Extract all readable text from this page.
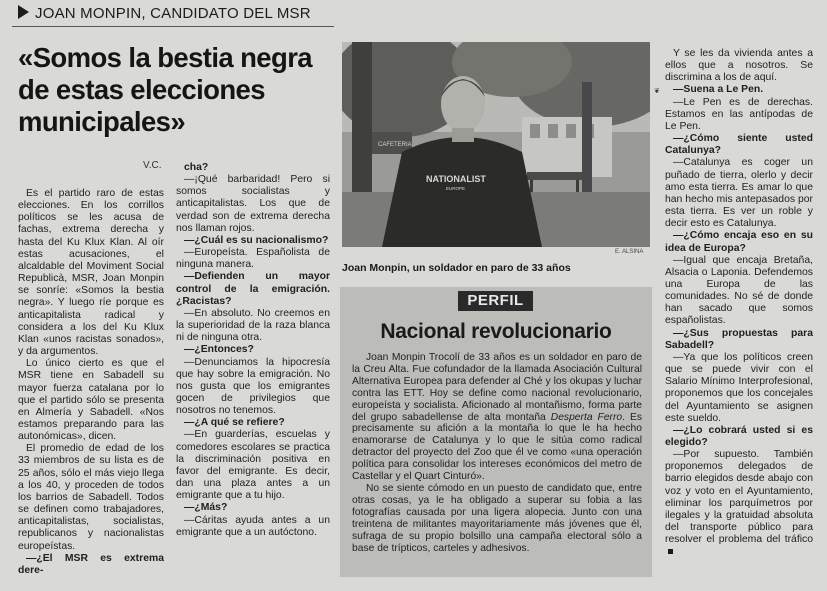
JOAN MONPIN, CANDIDATO DEL MSR
«Somos la bestia negra de estas elecciones municipales»
V.C.

Es el partido raro de estas elecciones. En los corrillos políticos se les acusa de fachas, extrema derecha y hasta del Ku Klux Klan. Al oír estas acusaciones, el alcaldable del Moviment Social Republicà, MSR, Joan Monpin se sonríe: «Somos la bestia negra». Y luego ríe porque es anticapitalista radical y considera a los del Ku Klux Klan «unos racistas sonados», y da argumentos.

Lo único cierto es que el MSR tiene en Sabadell su mayor fuerza catalana por lo que el partido sólo se presenta en Almería y Sabadell. «Nos estamos preparando para las autonómicas», dicen.

El promedio de edad de los 33 miembros de su lista es de 25 años, sólo el más viejo llega a los 40, y proceden de todos los barrios de Sabadell. Todos se definen como trabajadores, anticapitalistas, socialistas, republicanos y nacionalistas europeístas.

—¿El MSR es extrema dere-

cha?

—¡Qué barbaridad! Pero si somos socialistas y anticapitalistas. Los que de verdad son de extrema derecha nos llaman rojos.

—¿Cuál es su nacionalismo?

—Europeísta. Españolista de ninguna manera.

—Defienden un mayor control de la emigración. ¿Racistas?

—En absoluto. No creemos en la superioridad de la raza blanca ni de ninguna otra.

—¿Entonces?

—Denunciamos la hipocresía que hay sobre la emigración. No nos gusta que los emigrantes gocen de privilegios que nosotros no tenemos.

—¿A qué se refiere?

—En guarderías, escuelas y comedores escolares se practica la discriminación positiva en favor del emigrante. Es decir, dan una plaza antes a un emigrante que a tu hijo.

—¿Más?

—Cáritas ayuda antes a un emigrante que a un autóctono.

CAFETERIA
NATIONALIST
EUROPE
E. ALSINA
Joan Monpin, un soldador en paro de 33 años
PERFIL
Nacional revolucionario

Joan Monpin Trocolí de 33 años es un soldador en paro de la Creu Alta. Fue cofundador de la llamada Asociación Cultural Alternativa Europea para defender al Ché y los okupas y luchar contra las ETT. Hoy se define como nacional revolucionario, europeísta y socialista. Aficionado al montañismo, forma parte del grupo sabadellense de alta montaña Desperta Ferro. Es precisamente su afición a la montaña lo que le ha hecho enamorarse de Catalunya y lo que le sitúa como radical detractor del proyecto del Zoo que él ve como «una operación política para consolidar los intereses económicos del metro de Castellar y el Quart Cinturó».

No se siente cómodo en un puesto de candidato que, entre otras cosas, ya le ha obligado a superar su fobia a las fotografías causada por una ligera alopecia. Junto con una treintena de militantes mayoritariamente más jóvenes que él, sufraga de su propio bolsillo una campaña electoral sólo a base de trípticos, carteles y adhesivos.

❦

Y se les da vivienda antes a ellos que a nosotros. Se discrimina a los de aquí.

—Suena a Le Pen.

—Le Pen es de derechas. Estamos en las antípodas de Le Pen.

—¿Cómo siente usted Catalunya?

—Catalunya es coger un puñado de tierra, olerlo y decir amo esta tierra. Es amar lo que han hecho mis antepasados por esta tierra. Es ver un roble y decir esto es Catalunya.

—¿Cómo encaja eso en su idea de Europa?

—Igual que encaja Bretaña, Alsacia o Laponia. Defendemos una Europa de las comunidades. No sé de donde han sacado que somos españolistas.

—¿Sus propuestas para Sabadell?

—Ya que los políticos creen que se puede vivir con el Salario Mínimo Interprofesional, proponemos que los concejales del Ayuntamiento se asignen este sueldo.

—¿Lo cobrará usted si es elegido?

—Por supuesto. También proponemos delegados de barrio elegidos desde abajo con voz y voto en el Ayuntamiento, eliminar los parquímetros por ilegales y la gratuidad absoluta del transporte público para resolver el problema del tráfico
